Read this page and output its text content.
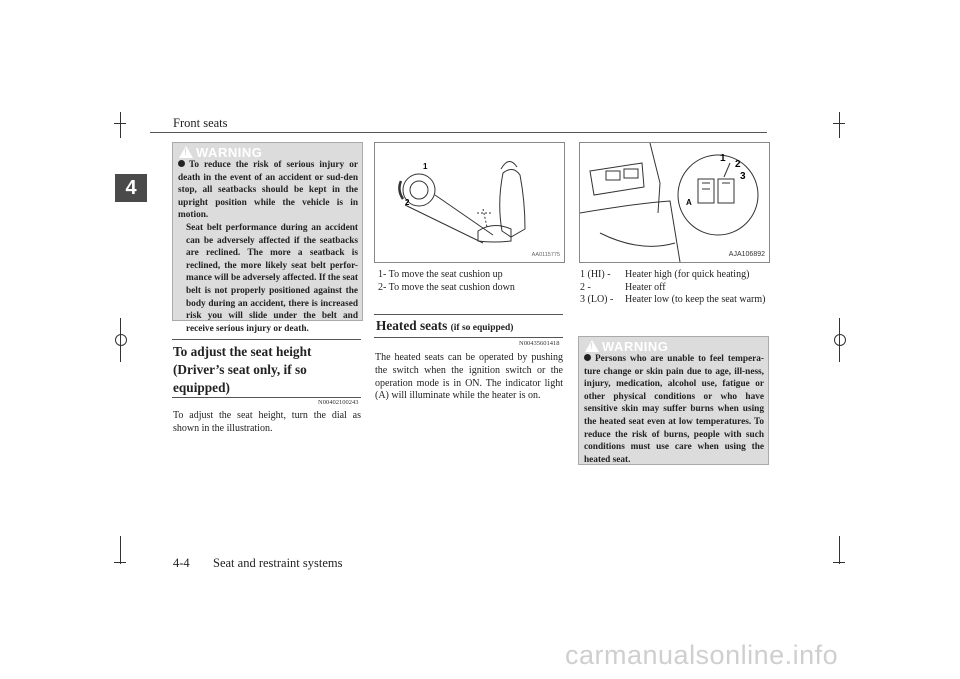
Front seats
4
! WARNING
To reduce the risk of serious injury or death in the event of an accident or sud-den stop, all seatbacks should be kept in the upright position while the vehicle is in motion.
Seat belt performance during an accident can be adversely affected if the seatbacks are reclined. The more a seatback is reclined, the more likely seat belt perfor-mance will be adversely affected. If the seat belt is not properly positioned against the body during an accident, there is increased risk you will slide under the belt and receive serious injury or death.
To adjust the seat height (Driver’s seat only, if so equipped)
N00402100243
To adjust the seat height, turn the dial as shown in the illustration.
1
2
AA0115775
1- To move the seat cushion up
2- To move the seat cushion down
Heated seats (if so equipped)
N00435601418
The heated seats can be operated by pushing the switch when the ignition switch or the operation mode is in ON. The indicator light (A) will illuminate while the heater is on.
1
2
3
A
AJA106892
1 (HI) -	Heater high (for quick heating)
2 -	Heater off
3 (LO) -	Heater low (to keep the seat warm)
! WARNING
Persons who are unable to feel tempera-ture change or skin pain due to age, ill-ness, injury, medication, alcohol use, fatigue or other physical conditions or who have sensitive skin may suffer burns when using the heated seat even at low temperatures. To reduce the risk of burns, people with such conditions must use care when using the heated seat.
4-4 Seat and restraint systems
carmanualsonline.info
